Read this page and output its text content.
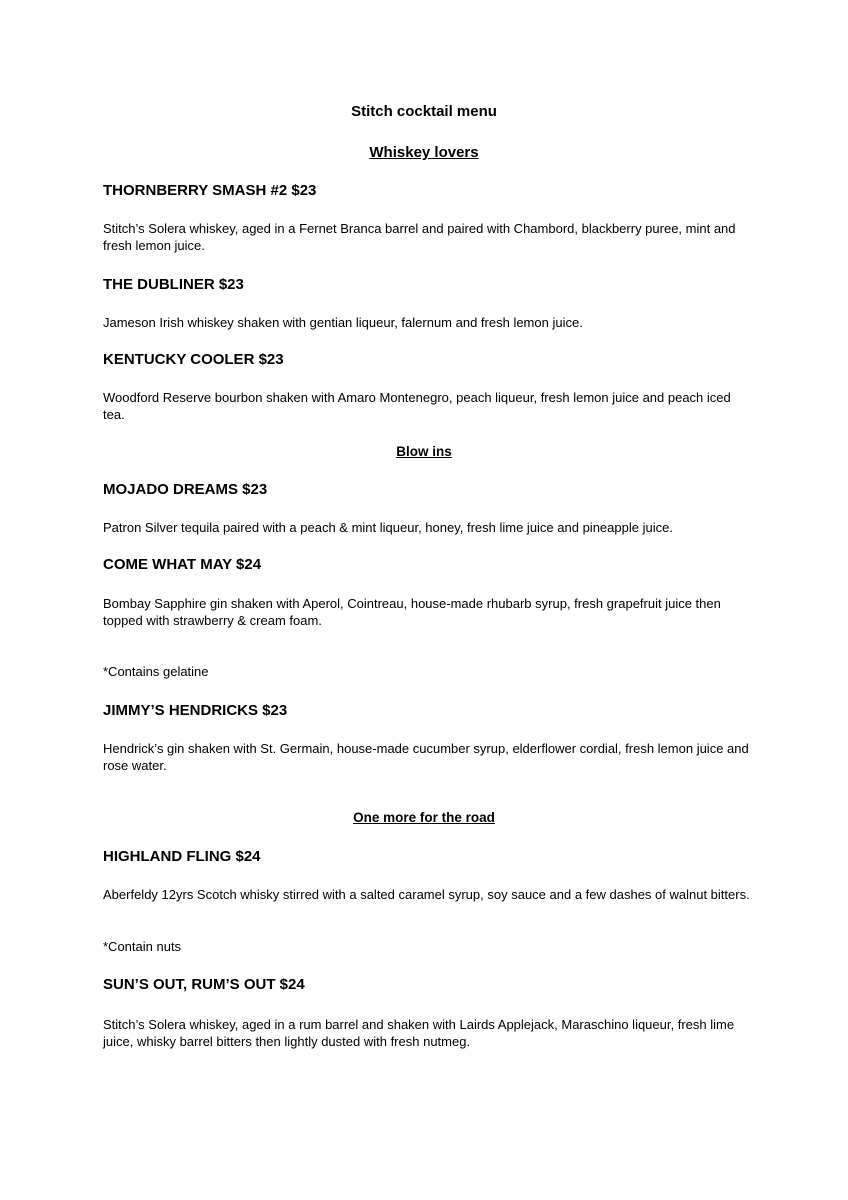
Stitch cocktail menu
Whiskey lovers
THORNBERRY SMASH #2 $23

Stitch’s Solera whiskey, aged in a Fernet Branca barrel and paired with Chambord, blackberry puree, mint and fresh lemon juice.

THE DUBLINER $23

Jameson Irish whiskey shaken with gentian liqueur, falernum and fresh lemon juice.

KENTUCKY COOLER $23

Woodford Reserve bourbon shaken with Amaro Montenegro, peach liqueur, fresh lemon juice and peach iced tea.

Blow ins
MOJADO DREAMS $23

Patron Silver tequila paired with a peach & mint liqueur, honey, fresh lime juice and pineapple juice.

COME WHAT MAY $24

Bombay Sapphire gin shaken with Aperol, Cointreau, house-made rhubarb syrup, fresh grapefruit juice then topped with strawberry & cream foam.

*Contains gelatine

JIMMY’S HENDRICKS $23

Hendrick’s gin shaken with St. Germain, house-made cucumber syrup, elderflower cordial, fresh lemon juice and rose water.

One more for the road
HIGHLAND FLING $24

Aberfeldy 12yrs Scotch whisky stirred with a salted caramel syrup, soy sauce and a few dashes of walnut bitters.

*Contain nuts

SUN’S OUT, RUM’S OUT $24

Stitch’s Solera whiskey, aged in a rum barrel and shaken with Lairds Applejack, Maraschino liqueur, fresh lime juice, whisky barrel bitters then lightly dusted with fresh nutmeg.
